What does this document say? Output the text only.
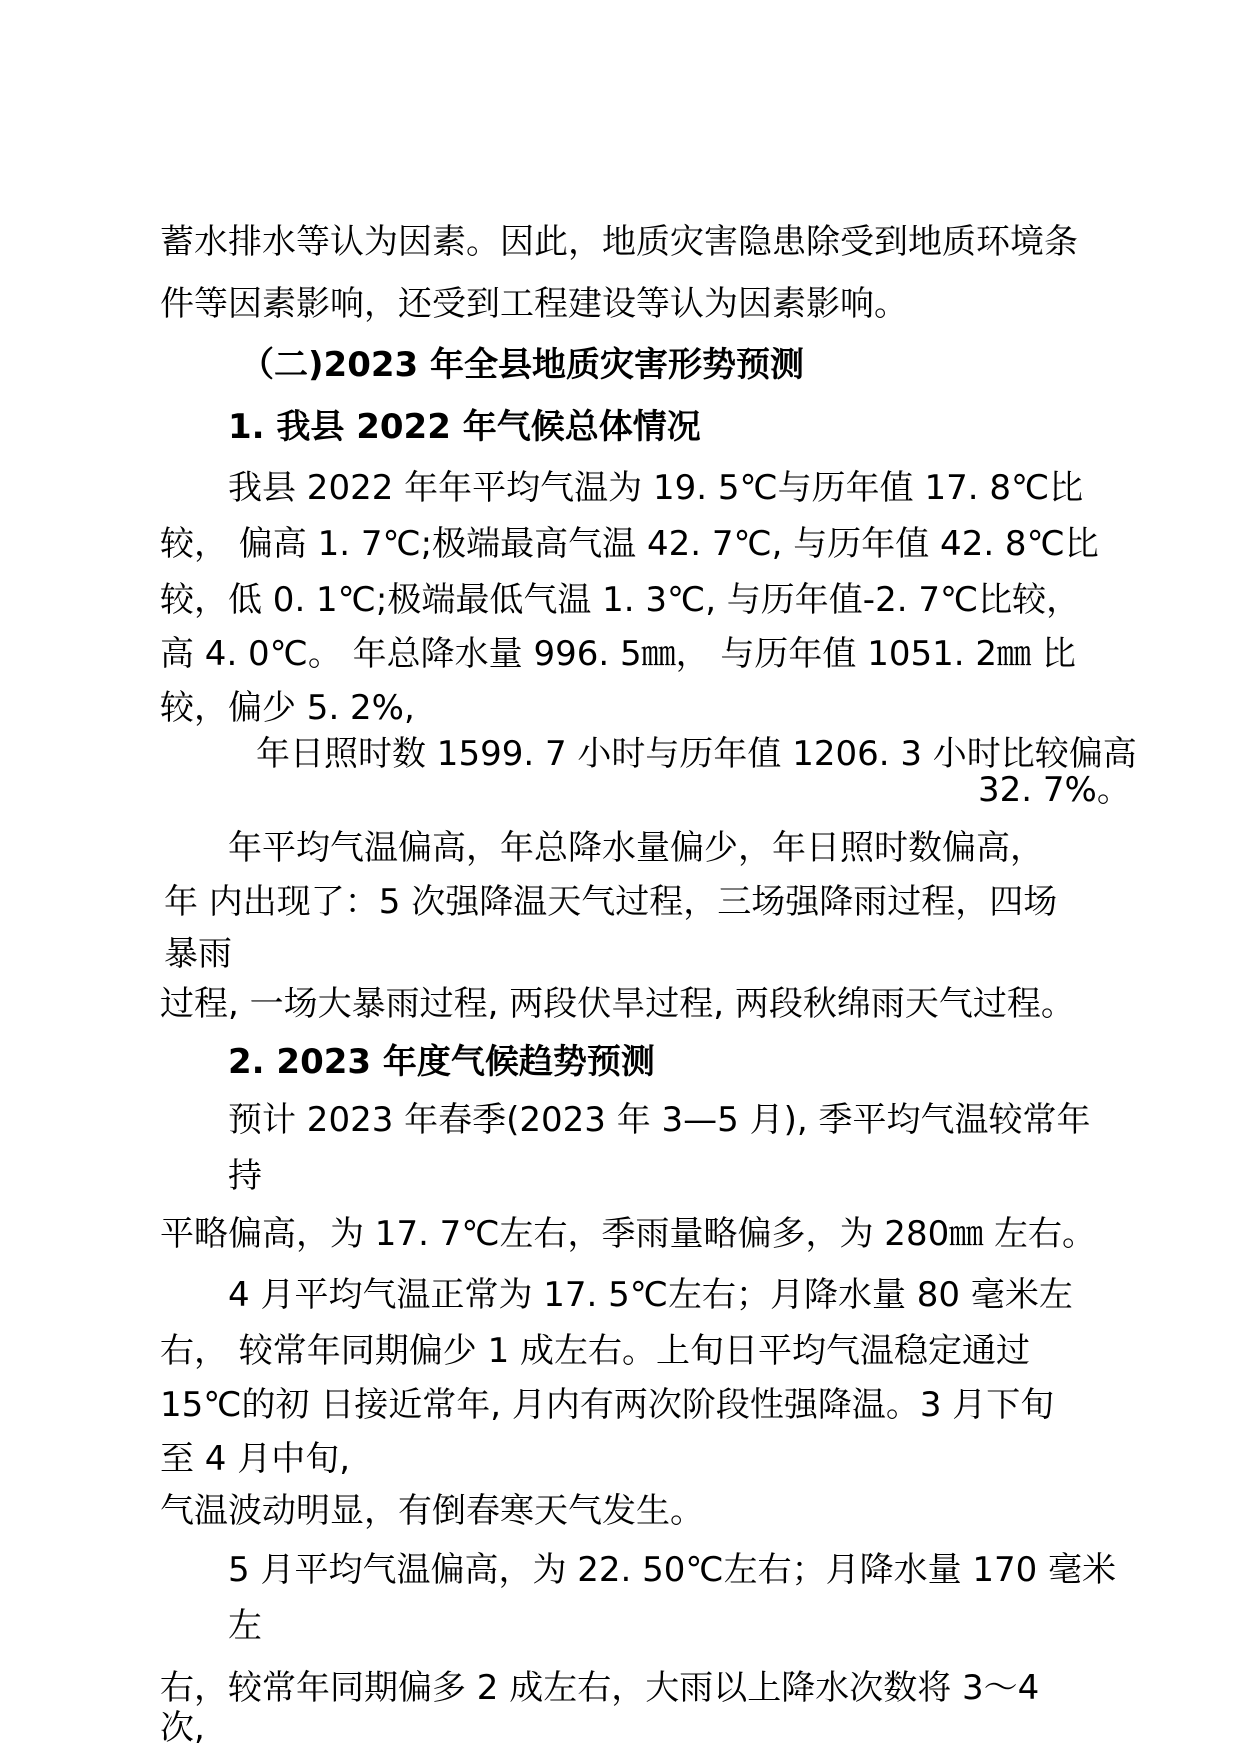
蓄水排水等认为因素。因此，地质灾害隐患除受到地质环境条
件等因素影响，还受到工程建设等认为因素影响。
（二)2023 年全县地质灾害形势预测
1. 我县 2022 年气候总体情况
我县 2022 年年平均气温为 19. 5℃与历年值 17. 8℃比
较， 偏高 1. 7℃;极端最高气温 42. 7℃, 与历年值 42. 8℃比
较，低 0. 1℃;极端最低气温 1. 3℃, 与历年值-2. 7℃比较，
高 4. 0℃。 年总降水量 996. 5㎜， 与历年值 1051. 2㎜ 比
较，偏少 5. 2%,
年日照时数 1599. 7 小时与历年值 1206. 3 小时比较偏高
32. 7%。
年平均气温偏高，年总降水量偏少，年日照时数偏高，
年 内出现了：5 次强降温天气过程，三场强降雨过程，四场
暴雨
过程, 一场大暴雨过程, 两段伏旱过程, 两段秋绵雨天气过程。
2. 2023 年度气候趋势预测
预计 2023 年春季(2023 年 3—5 月), 季平均气温较常年
持
平略偏高，为 17. 7℃左右，季雨量略偏多，为 280㎜ 左右。
4 月平均气温正常为 17. 5℃左右；月降水量 80 毫米左
右， 较常年同期偏少 1 成左右。上旬日平均气温稳定通过
15℃的初 日接近常年, 月内有两次阶段性强降温。3 月下旬
至 4 月中旬,
气温波动明显，有倒春寒天气发生。
5 月平均气温偏高，为 22. 50℃左右；月降水量 170 毫米
左
右，较常年同期偏多 2 成左右，大雨以上降水次数将 3～4
次,
